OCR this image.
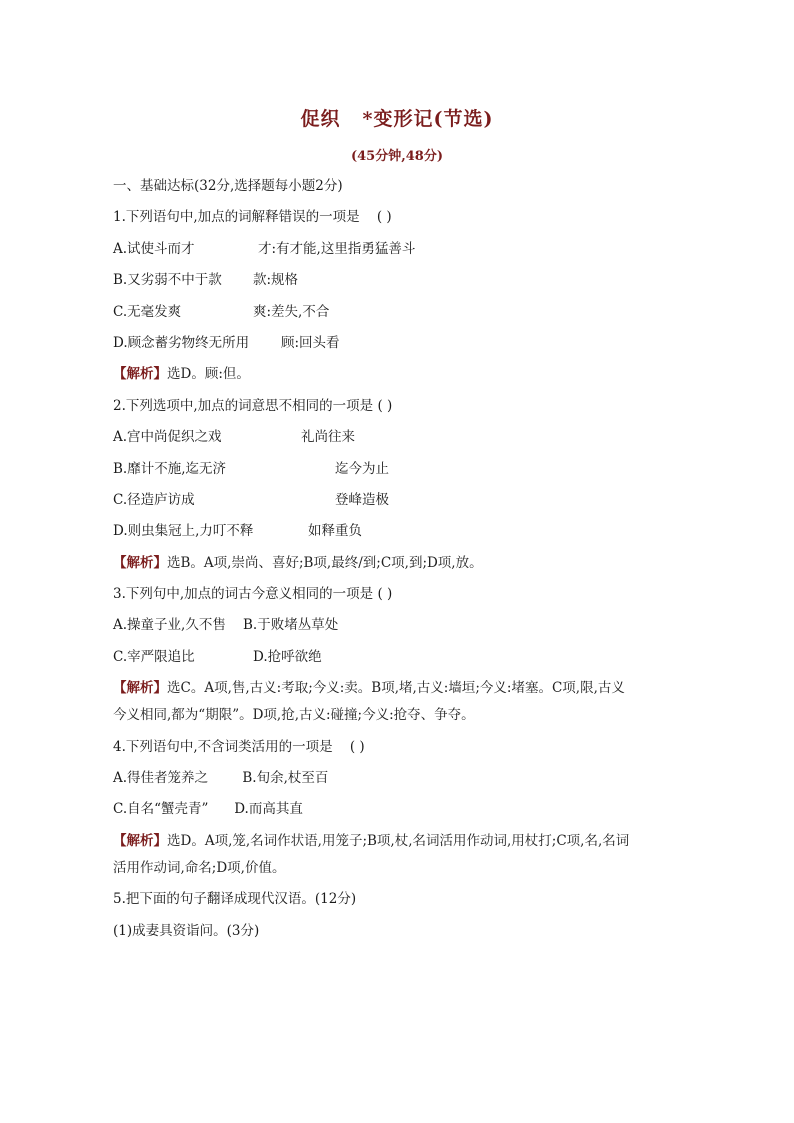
促织 *变形记(节选)
(45分钟,48分)
一、基础达标(32分,选择题每小题2分)
1.下列语句中,加点的词解释错误的一项是 ( )
A.试使斗而才	才:有才能,这里指勇猛善斗
B.又劣弱不中于款 款:规格
C.无毫发爽	爽:差失,不合
D.顾念蓄劣物终无所用 顾:回头看
【解析】选D。顾:但。
2.下列选项中,加点的词意思不相同的一项是 ( )
A.宫中尚促织之戏	礼尚往来
B.靡计不施,迄无济	迄今为止
C.径造庐访成	登峰造极
D.则虫集冠上,力叮不释	如释重负
【解析】选B。A项,崇尚、喜好;B项,最终/到;C项,到;D项,放。
3.下列句中,加点的词古今意义相同的一项是 ( )
A.操童子业,久不售    B.于败堵丛草处
C.宰严限追比	D.抢呼欲绝
【解析】选C。A项,售,古义:考取;今义:卖。B项,堵,古义:墙垣;今义:堵塞。C项,限,古义
今义相同,都为“期限”。D项,抢,古义:碰撞;今义:抢夺、争夺。
4.下列语句中,不含词类活用的一项是 ( )
A.得佳者笼养之        B.旬余,杖至百
C.自名“蟹壳青”      D.而高其直
【解析】选D。A项,笼,名词作状语,用笼子;B项,杖,名词活用作动词,用杖打;C项,名,名词
活用作动词,命名;D项,价值。
5.把下面的句子翻译成现代汉语。(12分)
(1)成妻具资诣问。(3分)
